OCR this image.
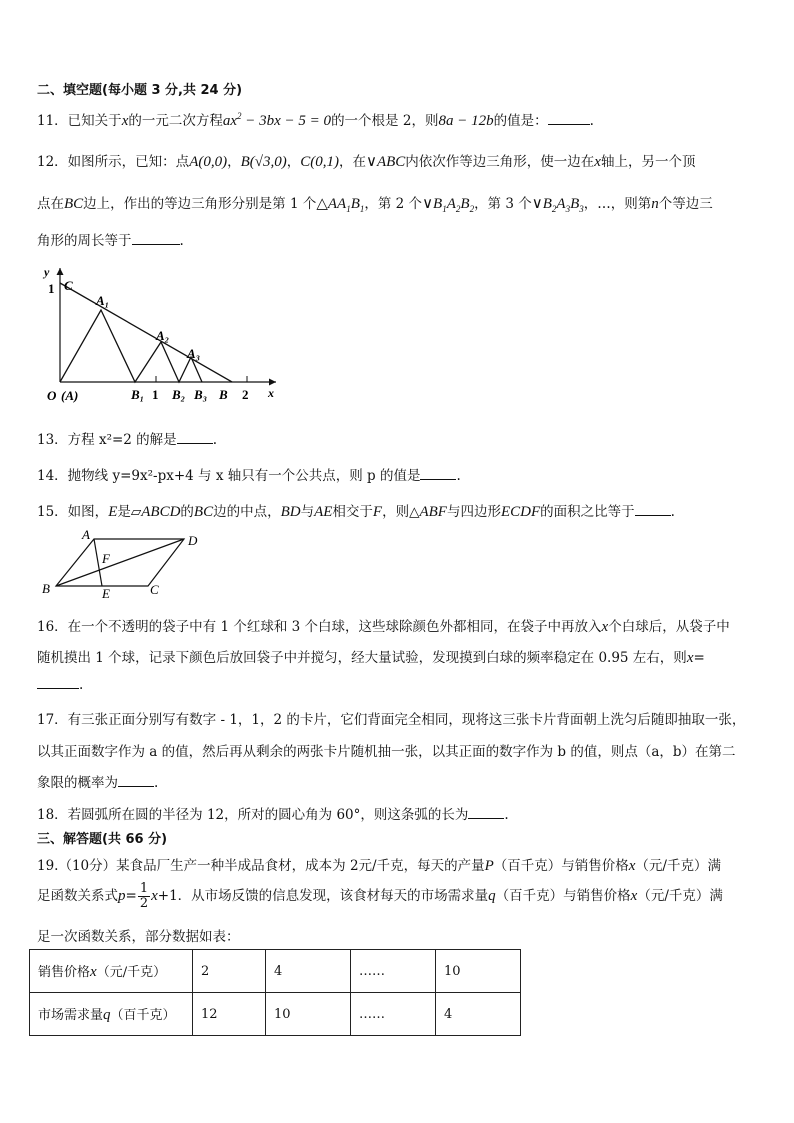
二、填空题(每小题 3 分,共 24 分)
11．已知关于x的一元二次方程$ax^2 - 3bx - 5 = 0$的一个根是 2，则8a − 12b的值是：	.
12．如图所示，已知：点A(0,0)，B(√3,0)，C(0,1)，在∨ABC内依次作等边三角形，使一边在x轴上，另一个顶
点在BC边上，作出的等边三角形分别是第 1 个$\triangle AA_1B_1$，第 2 个$\vee B_1A_2B_2$，第 3 个$\vee B_2A_3B_3$，…，则第n个等边三
角形的周长等于	.
y
x
1 C
O (A)
A₁
A₂
A₃
B₁ 1 B₂ B₃ B 2
13．方程 x²=2 的解是	.
14．抛物线 y=9x²-px+4 与 x 轴只有一个公共点，则 p 的值是	.
15．如图，E是▱ABCD的BC边的中点，BD与AE相交于F，则△ABF与四边形ECDF的面积之比等于	.
A	D
F
B	E	C
16．在一个不透明的袋子中有 1 个红球和 3 个白球，这些球除颜色外都相同，在袋子中再放入x个白球后，从袋子中
随机摸出 1 个球，记录下颜色后放回袋子中并搅匀，经大量试验，发现摸到白球的频率稳定在 0.95 左右，则x=
.
17．有三张正面分别写有数字 - 1，1，2 的卡片，它们背面完全相同，现将这三张卡片背面朝上洗匀后随即抽取一张，
以其正面数字作为 a 的值，然后再从剩余的两张卡片随机抽一张，以其正面的数字作为 b 的值，则点（a，b）在第二
象限的概率为	.
18．若圆弧所在圆的半径为 12，所对的圆心角为 60°，则这条弧的长为	.
三、解答题(共 66 分)
19.（10分）某食品厂生产一种半成品食材，成本为 2元/千克，每天的产量P（百千克）与销售价格x（元/千克）满
足函数关系式$p= \frac{1}{2} x+1$．从市场反馈的信息发现，该食材每天的市场需求量q（百千克）与销售价格x（元/千克）满
足一次函数关系，部分数据如表：
销售价格x（元/千克）	2	4	……	10
市场需求量q（百千克）	12	10	……	4
